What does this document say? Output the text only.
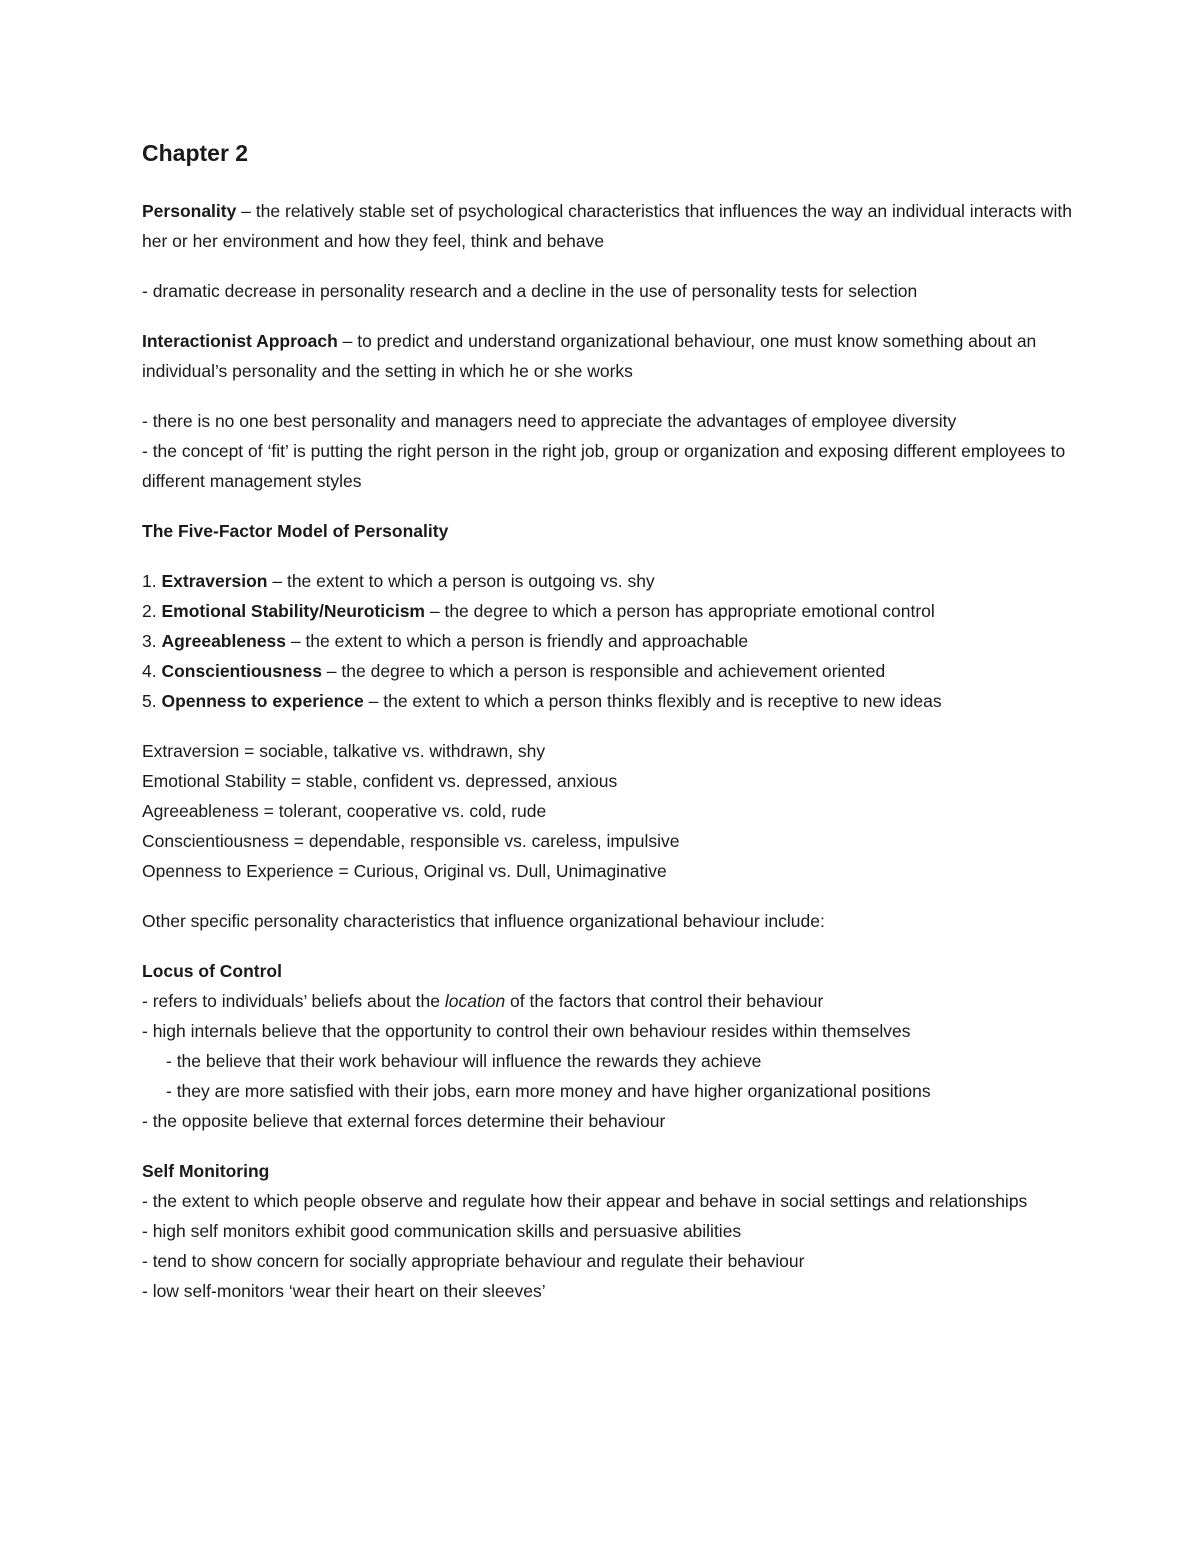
Chapter 2

Personality – the relatively stable set of psychological characteristics that influences the way an individual interacts with her or her environment and how they feel, think and behave

- dramatic decrease in personality research and a decline in the use of personality tests for selection

Interactionist Approach – to predict and understand organizational behaviour, one must know something about an individual’s personality and the setting in which he or she works

- there is no one best personality and managers need to appreciate the advantages of employee diversity
- the concept of ‘fit’ is putting the right person in the right job, group or organization and exposing different employees to different management styles

The Five-Factor Model of Personality

1. Extraversion – the extent to which a person is outgoing vs. shy
2. Emotional Stability/Neuroticism – the degree to which a person has appropriate emotional control
3. Agreeableness – the extent to which a person is friendly and approachable
4. Conscientiousness – the degree to which a person is responsible and achievement oriented
5. Openness to experience – the extent to which a person thinks flexibly and is receptive to new ideas
Extraversion = sociable, talkative vs. withdrawn, shy
Emotional Stability = stable, confident vs. depressed, anxious
Agreeableness = tolerant, cooperative vs. cold, rude
Conscientiousness = dependable, responsible vs. careless, impulsive
Openness to Experience = Curious, Original vs. Dull, Unimaginative

Other specific personality characteristics that influence organizational behaviour include:

Locus of Control
- refers to individuals’ beliefs about the location of the factors that control their behaviour
- high internals believe that the opportunity to control their own behaviour resides within themselves
- the believe that their work behaviour will influence the rewards they achieve
- they are more satisfied with their jobs, earn more money and have higher organizational positions
- the opposite believe that external forces determine their behaviour
Self Monitoring
- the extent to which people observe and regulate how their appear and behave in social settings and relationships
- high self monitors exhibit good communication skills and persuasive abilities
- tend to show concern for socially appropriate behaviour and regulate their behaviour
- low self-monitors ‘wear their heart on their sleeves’
